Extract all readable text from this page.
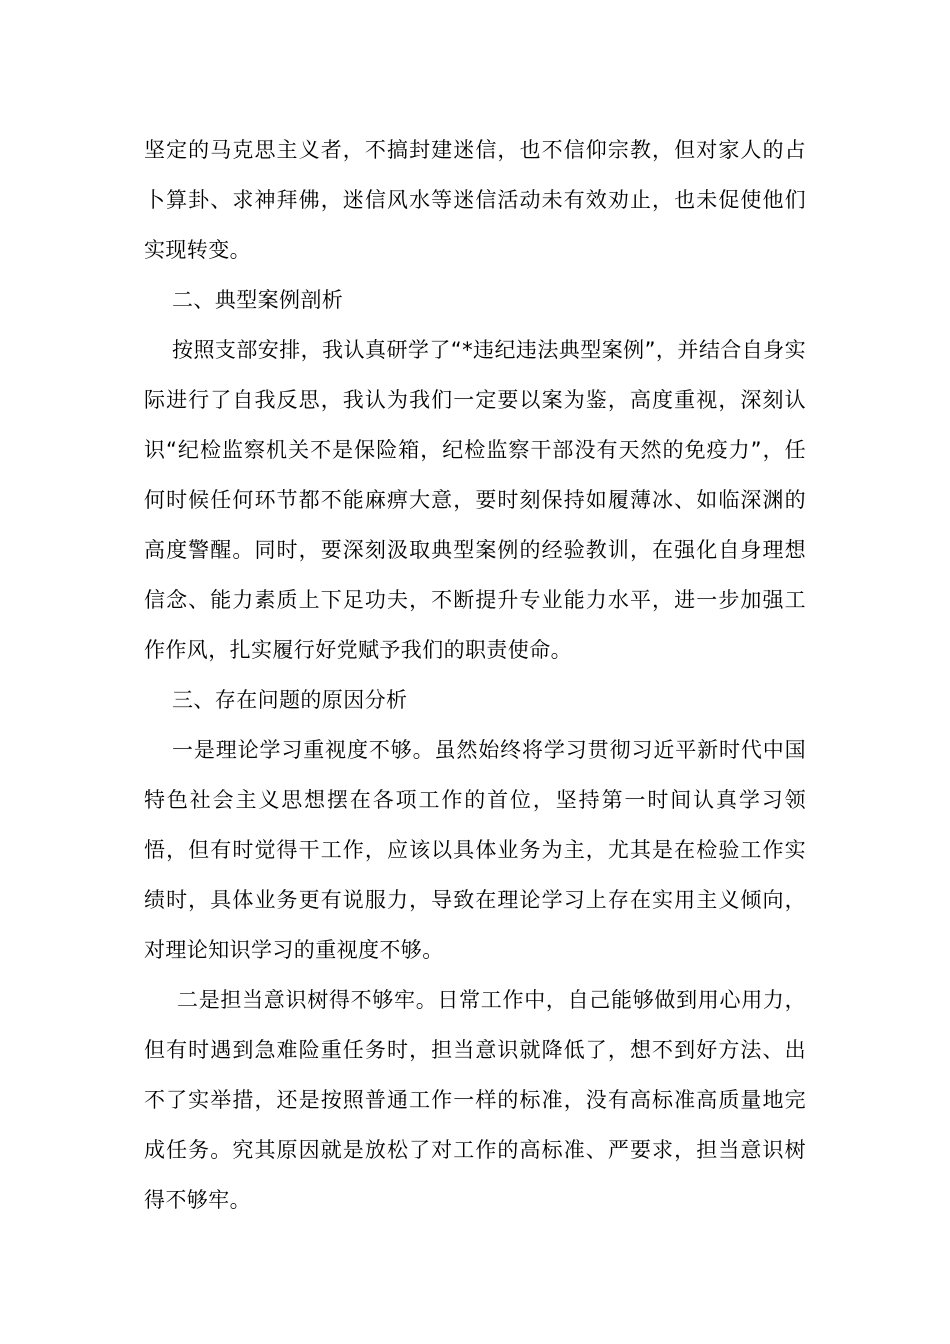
坚定的马克思主义者，不搞封建迷信，也不信仰宗教，但对家人的占卜算卦、求神拜佛，迷信风水等迷信活动未有效劝止，也未促使他们实现转变。

二、典型案例剖析

按照支部安排，我认真研学了“*违纪违法典型案例”，并结合自身实际进行了自我反思，我认为我们一定要以案为鉴，高度重视，深刻认识“纪检监察机关不是保险箱，纪检监察干部没有天然的免疫力”，任何时候任何环节都不能麻痹大意，要时刻保持如履薄冰、如临深渊的高度警醒。同时，要深刻汲取典型案例的经验教训，在强化自身理想信念、能力素质上下足功夫，不断提升专业能力水平，进一步加强工作作风，扎实履行好党赋予我们的职责使命。

三、存在问题的原因分析

一是理论学习重视度不够。虽然始终将学习贯彻习近平新时代中国特色社会主义思想摆在各项工作的首位，坚持第一时间认真学习领悟，但有时觉得干工作，应该以具体业务为主，尤其是在检验工作实绩时，具体业务更有说服力，导致在理论学习上存在实用主义倾向，对理论知识学习的重视度不够。

二是担当意识树得不够牢。日常工作中，自己能够做到用心用力，但有时遇到急难险重任务时，担当意识就降低了，想不到好方法、出不了实举措，还是按照普通工作一样的标准，没有高标准高质量地完成任务。究其原因就是放松了对工作的高标准、严要求，担当意识树得不够牢。
